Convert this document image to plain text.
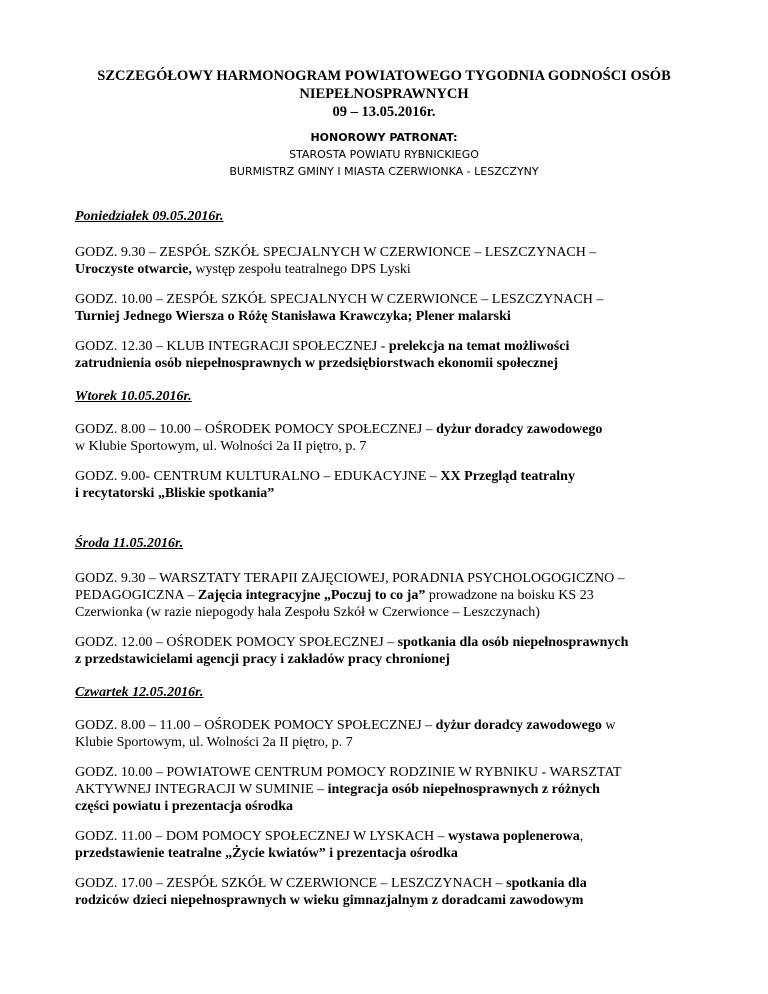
SZCZEGÓŁOWY HARMONOGRAM POWIATOWEGO TYGODNIA GODNOŚCI OSÓB
NIEPEŁNOSPRAWNYCH
09 – 13.05.2016r.
HONOROWY PATRONAT:
STAROSTA POWIATU RYBNICKIEGO
BURMISTRZ GMINY I MIASTA CZERWIONKA - LESZCZYNY
Poniedziałek 09.05.2016r.
GODZ. 9.30 – ZESPÓŁ SZKÓŁ SPECJALNYCH W CZERWIONCE – LESZCZYNACH –
Uroczyste otwarcie, występ zespołu teatralnego DPS Lyski
GODZ. 10.00 – ZESPÓŁ SZKÓŁ SPECJALNYCH W CZERWIONCE – LESZCZYNACH –
Turniej Jednego Wiersza o Różę Stanisława Krawczyka; Plener malarski
GODZ. 12.30 – KLUB INTEGRACJI SPOŁECZNEJ - prelekcja na temat możliwości
zatrudnienia osób niepełnosprawnych w przedsiębiorstwach ekonomii społecznej
Wtorek 10.05.2016r.
GODZ. 8.00 – 10.00 – OŚRODEK POMOCY SPOŁECZNEJ – dyżur doradcy zawodowego
w Klubie Sportowym, ul. Wolności 2a II piętro, p. 7
GODZ. 9.00- CENTRUM KULTURALNO – EDUKACYJNE – XX Przegląd teatralny
i recytatorski „Bliskie spotkania”
Środa 11.05.2016r.
GODZ. 9.30 – WARSZTATY TERAPII ZAJĘCIOWEJ, PORADNIA PSYCHOLOGOGICZNO –
PEDAGOGICZNA – Zajęcia integracyjne „Poczuj to co ja” prowadzone na boisku KS 23
Czerwionka (w razie niepogody hala Zespołu Szkół w Czerwionce – Leszczynach)
GODZ. 12.00 – OŚRODEK POMOCY SPOŁECZNEJ – spotkania dla osób niepełnosprawnych
z przedstawicielami agencji pracy i zakładów pracy chronionej
Czwartek 12.05.2016r.
GODZ. 8.00 – 11.00 – OŚRODEK POMOCY SPOŁECZNEJ – dyżur doradcy zawodowego w
Klubie Sportowym, ul. Wolności 2a II piętro, p. 7
GODZ. 10.00 – POWIATOWE CENTRUM POMOCY RODZINIE W RYBNIKU - WARSZTAT
AKTYWNEJ INTEGRACJI W SUMINIE – integracja osób niepełnosprawnych z różnych
części powiatu i prezentacja ośrodka
GODZ. 11.00 – DOM POMOCY SPOŁECZNEJ W LYSKACH – wystawa poplenerowa,
przedstawienie teatralne „Życie kwiatów” i prezentacja ośrodka
GODZ. 17.00 – ZESPÓŁ SZKÓŁ W CZERWIONCE – LESZCZYNACH – spotkania dla
rodziców dzieci niepełnosprawnych w wieku gimnazjalnym z doradcami zawodowym
